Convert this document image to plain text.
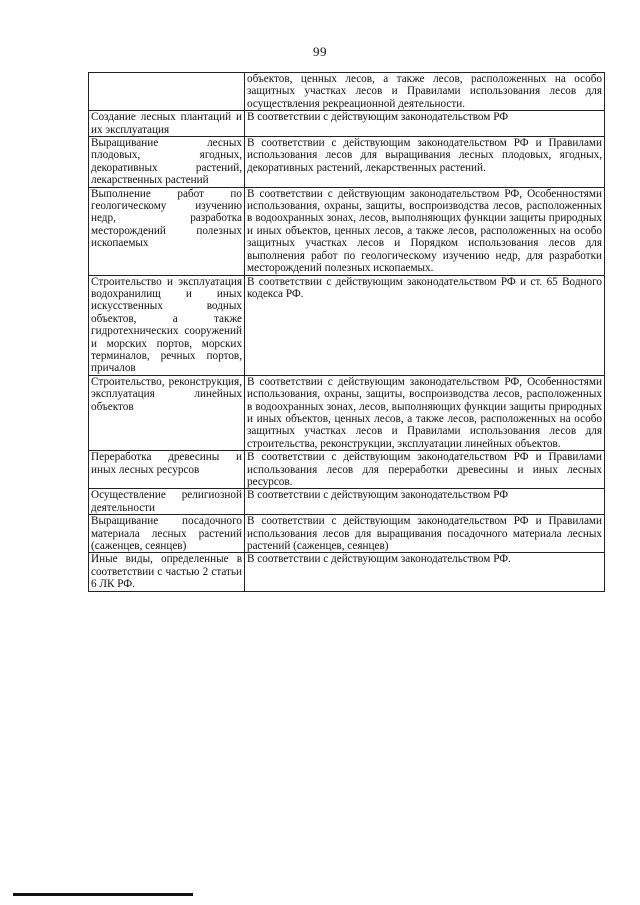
99
	объектов, ценных лесов, а также лесов, расположенных на особо защитных участках лесов и Правилами использования лесов для осуществления рекреационной деятельности.
Создание лесных плантаций и их эксплуатация	В соответствии с действующим законодательством РФ
Выращивание лесных плодовых, ягодных, декоративных растений, лекарственных растений	В соответствии с действующим законодательством РФ и Правилами использования лесов для выращивания лесных плодовых, ягодных, декоративных растений, лекарственных растений.
Выполнение работ по геологическому изучению недр, разработка месторождений полезных ископаемых	В соответствии с действующим законодательством РФ, Особенностями использования, охраны, защиты, воспроизводства лесов, расположенных в водоохранных зонах, лесов, выполняющих функции защиты природных и иных объектов, ценных лесов, а также лесов, расположенных на особо защитных участках лесов и Порядком использования лесов для выполнения работ по геологическому изучению недр, для разработки месторождений полезных ископаемых.
Строительство и эксплуатация водохранилищ и иных искусственных водных объектов, а также гидротехнических сооружений и морских портов, морских терминалов, речных портов, причалов	В соответствии с действующим законодательством РФ и ст. 65 Водного кодекса РФ.
Строительство, реконструкция, эксплуатация линейных объектов	В соответствии с действующим законодательством РФ, Особенностями использования, охраны, защиты, воспроизводства лесов, расположенных в водоохранных зонах, лесов, выполняющих функции защиты природных и иных объектов, ценных лесов, а также лесов, расположенных на особо защитных участках лесов и Правилами использования лесов для строительства, реконструкции, эксплуатации линейных объектов.
Переработка древесины и иных лесных ресурсов	В соответствии с действующим законодательством РФ и Правилами использования лесов для переработки древесины и иных лесных ресурсов.
Осуществление религиозной деятельности	В соответствии с действующим законодательством РФ
Выращивание посадочного материала лесных растений (саженцев, сеянцев)	В соответствии с действующим законодательством РФ и Правилами использования лесов для выращивания посадочного материала лесных растений (саженцев, сеянцев)
Иные виды, определенные в соответствии с частью 2 статьи 6 ЛК РФ.	В соответствии с действующим законодательством РФ.
